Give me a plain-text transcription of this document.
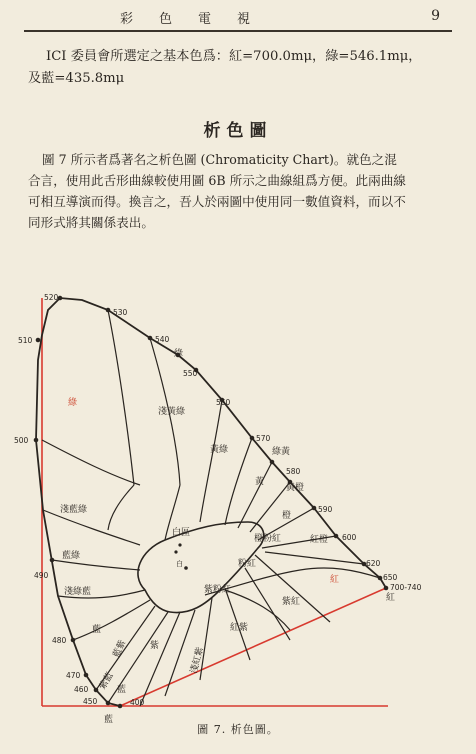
彩色電視	9
ICI 委員會所選定之基本色爲：紅=700.0mμ，綠=546.1mμ，
及藍=435.8mμ
析色圖
圖 7 所示者爲著名之析色圖 (Chromaticity Chart)。就色之混
合言，使用此舌形曲線較使用圖 6B 所示之曲線組爲方便。此兩曲線
可相互導演而得。換言之，吾人於兩圖中使用同一數值資料，而以不
同形式將其關係表出。
520
530
540
550
560
570
580
590
600
620
650
700-740
510
500
490
480
470
460
450	400
綠
綠
淺黃綠
黃綠	綠黃
黃
黃橙
橙
紅橙
橙粉紅
紅
紅
淺藍綠
藍綠
淺綠藍
藍
白區
白	粉紅
紫粉紅
紫紅
紅紫
淺紅紫
紫
藍紫
紫藍 藍
藍
圖 7. 析色圖。
